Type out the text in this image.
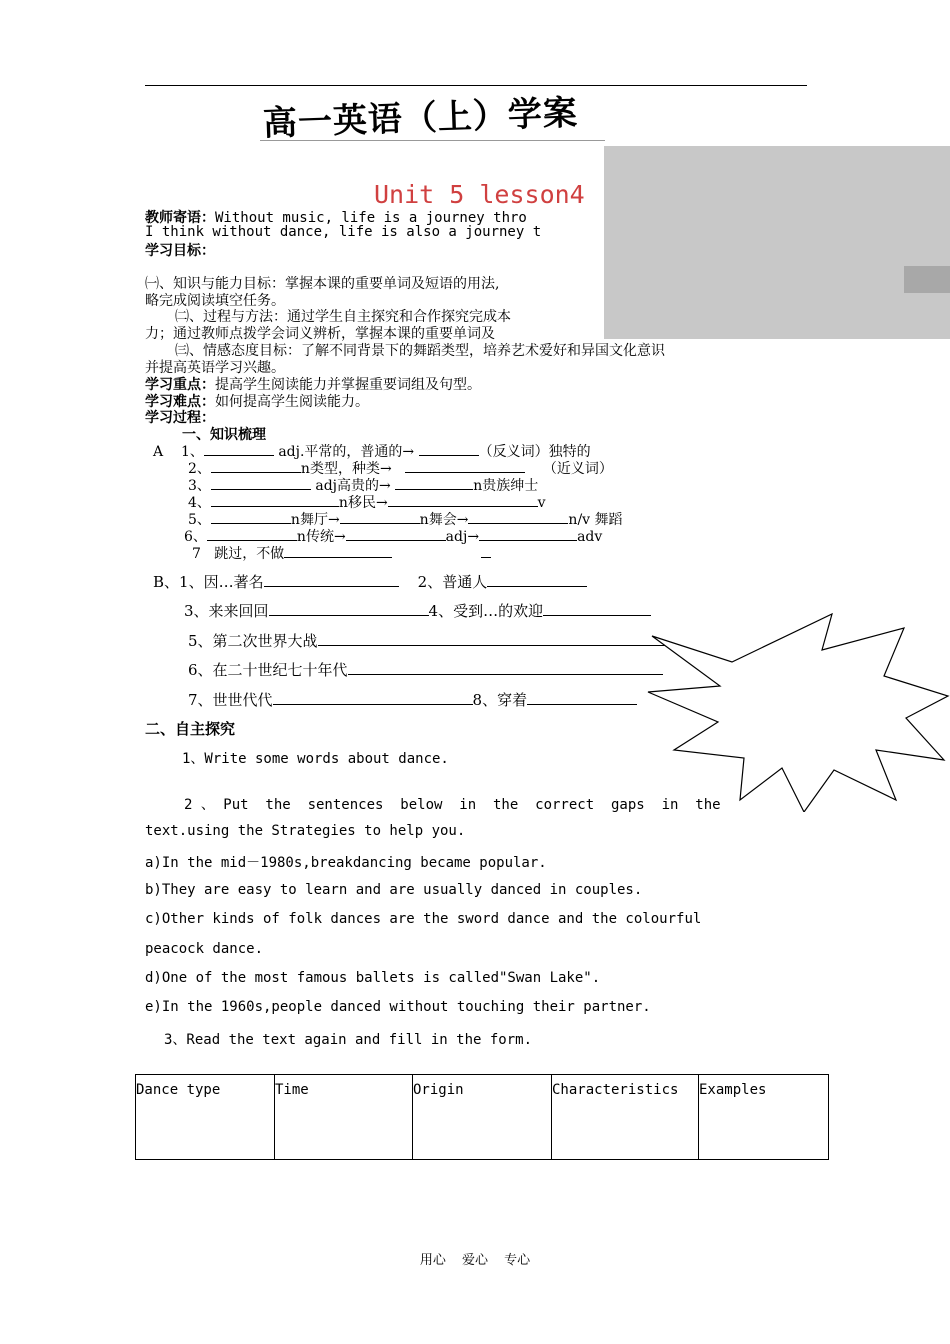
高一英语（上）学案
Unit 5 lesson4
教师寄语：Without music, life is a journey thro
I think without dance, life is also a journey t
学习目标：
㈠、知识与能力目标：掌握本课的重要单词及短语的用法,
略完成阅读填空任务。
㈡、过程与方法：通过学生自主探究和合作探究完成本
力；通过教师点拨学会词义辨析，掌握本课的重要单词及
㈢、情感态度目标：了解不同背景下的舞蹈类型，培养艺术爱好和异国文化意识
并提高英语学习兴趣。
学习重点：提高学生阅读能力并掌握重要词组及句型。
学习难点：如何提高学生阅读能力。
学习过程：
一、知识梳理
A 1、	adj.平常的，普通的→	（反义词）独特的
2、	n类型，种类→	（近义词）
3、	adj高贵的→	n贵族绅士
4、	n移民→	v
5、	n舞厅→	n舞会→	n/v 舞蹈
6、	n传统→	adj→	adv
7 跳过，不做
B、1、因…著名	2、普通人
3、来来回回	4、受到…的欢迎
5、第二次世界大战
6、在二十世纪七十年代
7、世世代代	8、穿着
二、自主探究
1、Write some words about dance.
2 、 Put  the  sentences  below  in  the  correct  gaps  in  the
text.using the Strategies to help you.
a)In the mid－1980s,breakdancing became popular.
b)They are easy to learn and are usually danced in couples.
c)Other kinds of folk dances are the sword dance and the colourful
peacock dance.
d)One of the most famous ballets is called"Swan Lake".
e)In the 1960s,people danced without touching their partner.
3、Read the text again and fill in the form.
Dance type	Time	Origin	Characteristics	Examples
用心 爱心 专心
